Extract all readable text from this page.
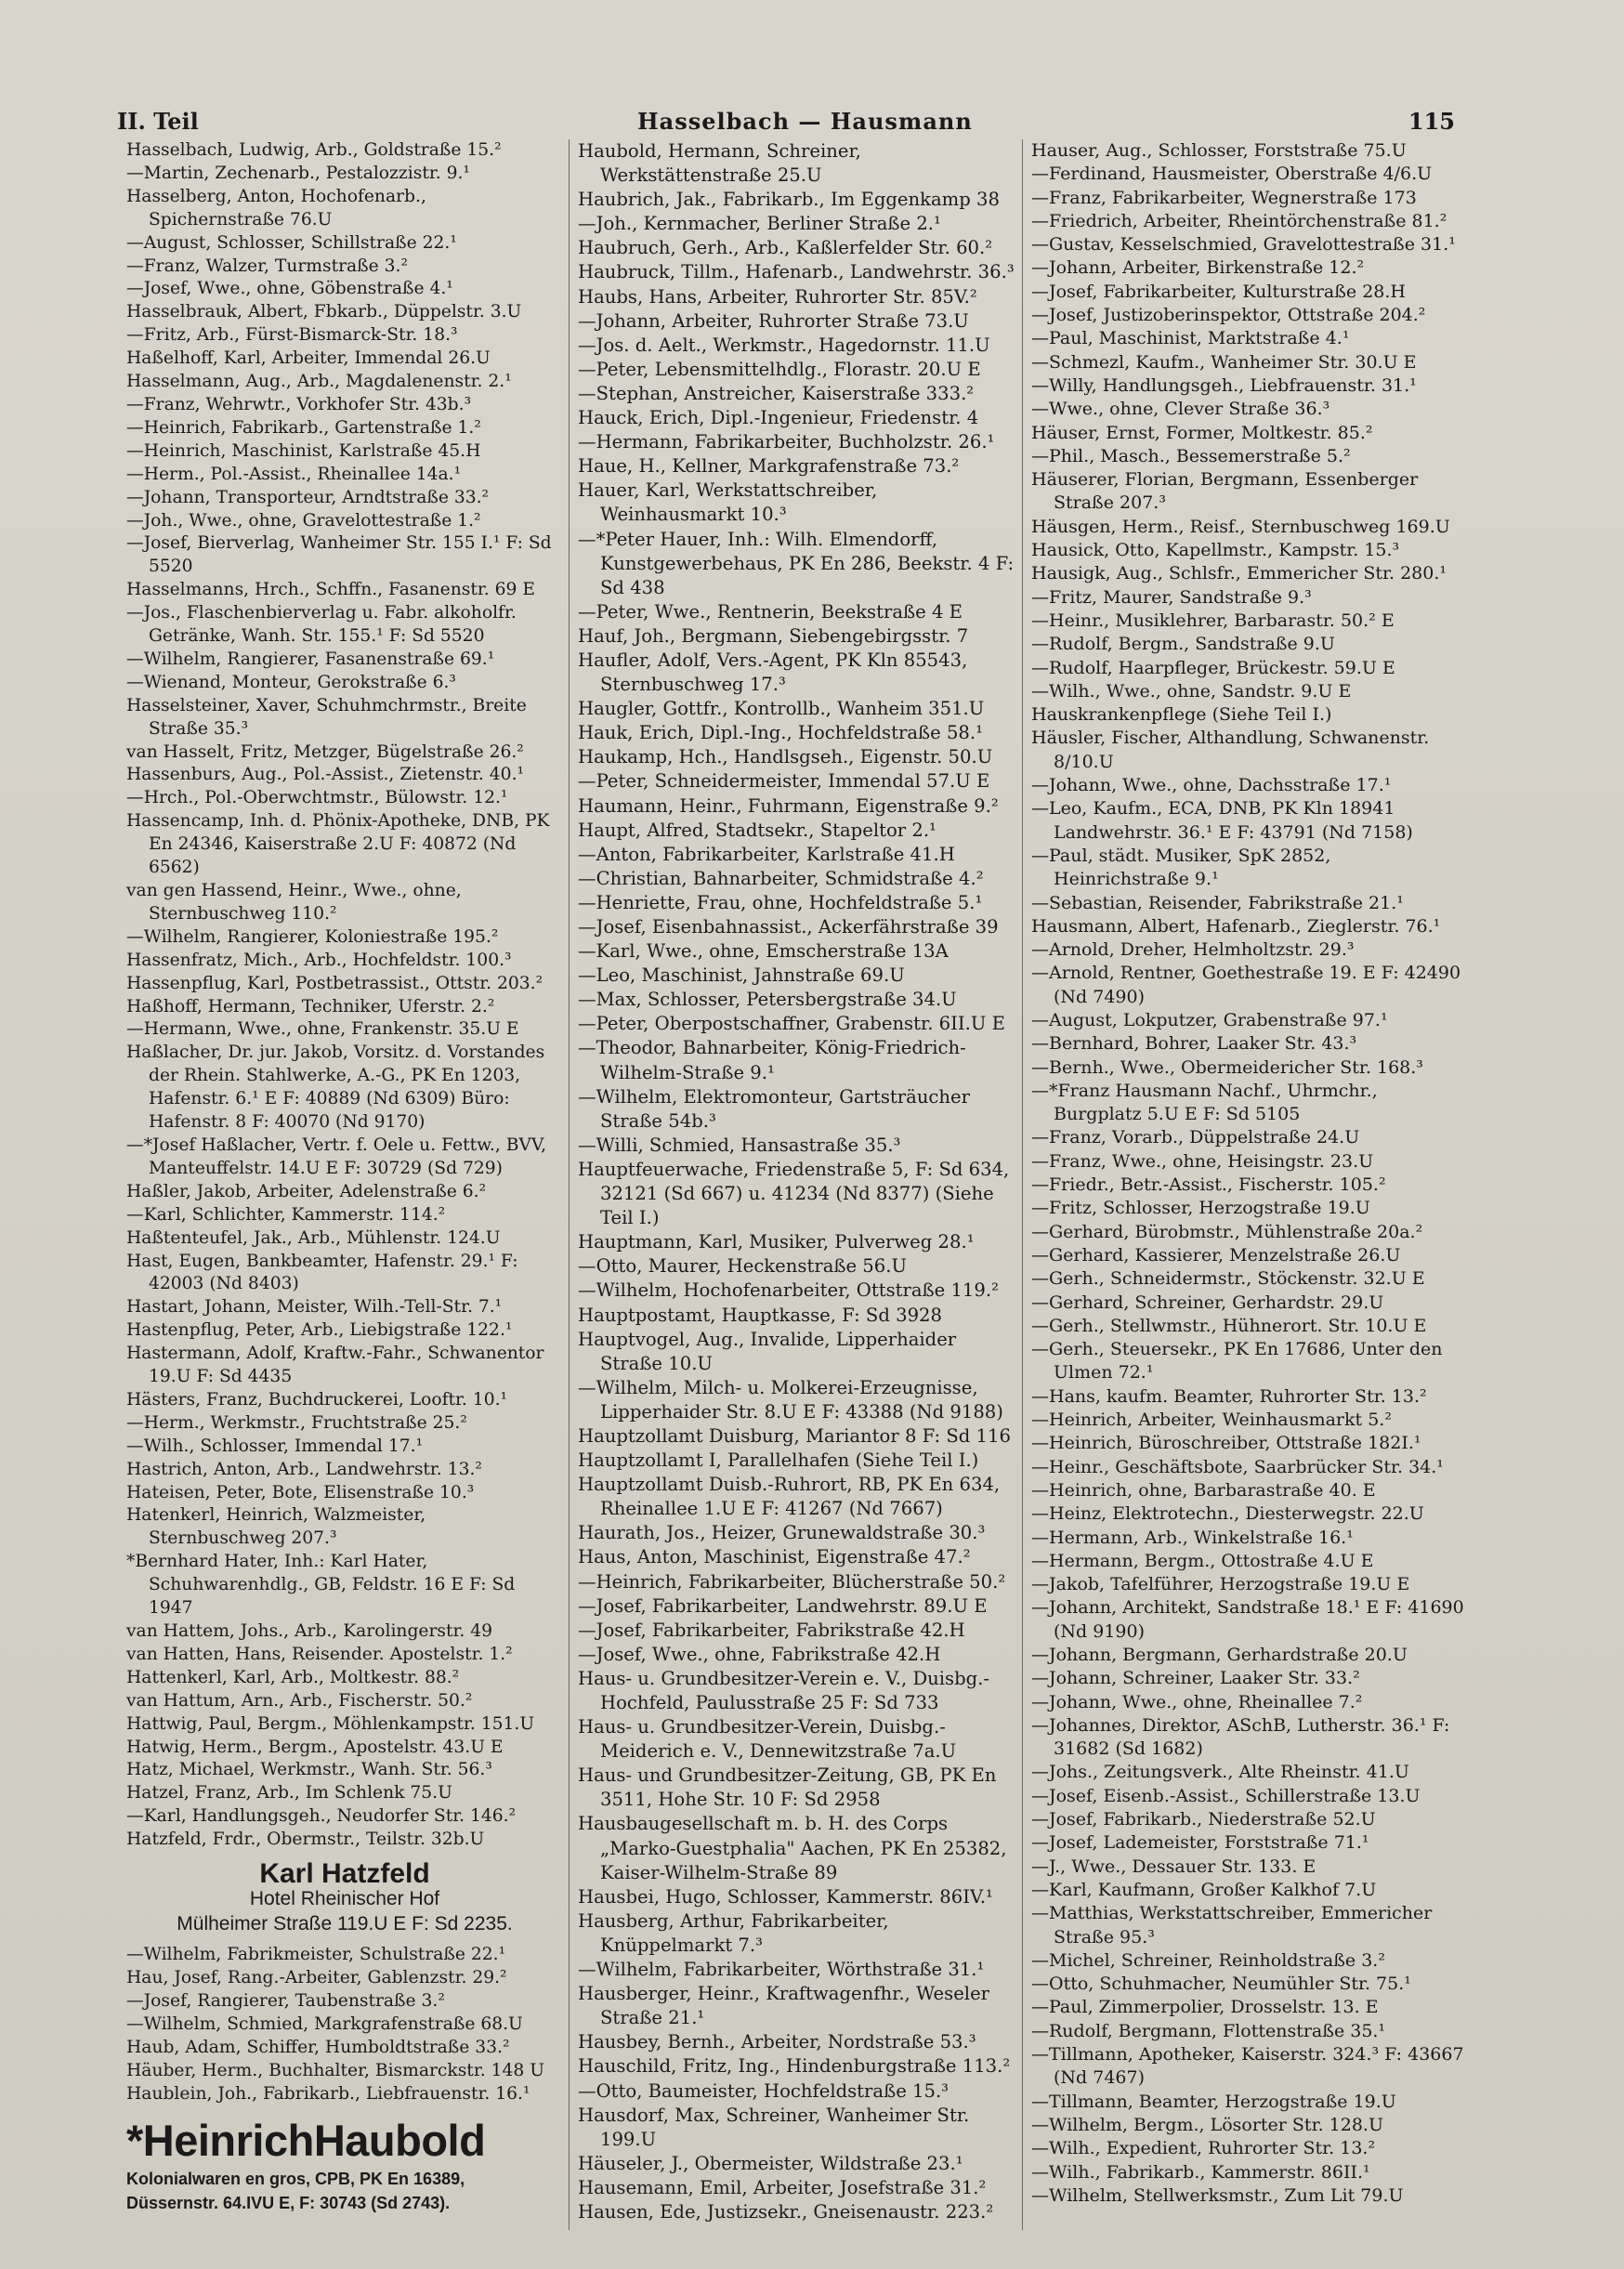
II. Teil	Hasselbach — Hausmann	115

Hasselbach, Ludwig, Arb., Goldstraße 15.²

—Martin, Zechenarb., Pestalozzistr. 9.¹

Hasselberg, Anton, Hochofenarb., Spichernstraße 76.U

—August, Schlosser, Schillstraße 22.¹

—Franz, Walzer, Turmstraße 3.²

—Josef, Wwe., ohne, Göbenstraße 4.¹

Hasselbrauk, Albert, Fbkarb., Düppelstr. 3.U

—Fritz, Arb., Fürst-Bismarck-Str. 18.³

Haßelhoff, Karl, Arbeiter, Immendal 26.U

Hasselmann, Aug., Arb., Magdalenenstr. 2.¹

—Franz, Wehrwtr., Vorkhofer Str. 43b.³

—Heinrich, Fabrikarb., Gartenstraße 1.²

—Heinrich, Maschinist, Karlstraße 45.H

—Herm., Pol.-Assist., Rheinallee 14a.¹

—Johann, Transporteur, Arndtstraße 33.²

—Joh., Wwe., ohne, Gravelottestraße 1.²

—Josef, Bierverlag, Wanheimer Str. 155 I.¹ F: Sd 5520

Hasselmanns, Hrch., Schffn., Fasanenstr. 69 E

—Jos., Flaschenbierverlag u. Fabr. alkoholfr. Getränke, Wanh. Str. 155.¹ F: Sd 5520

—Wilhelm, Rangierer, Fasanenstraße 69.¹

—Wienand, Monteur, Gerokstraße 6.³

Hasselsteiner, Xaver, Schuhmchrmstr., Breite Straße 35.³

van Hasselt, Fritz, Metzger, Bügelstraße 26.²

Hassenburs, Aug., Pol.-Assist., Zietenstr. 40.¹

—Hrch., Pol.-Oberwchtmstr., Bülowstr. 12.¹

Hassencamp, Inh. d. Phönix-Apotheke, DNB, PK En 24346, Kaiserstraße 2.U F: 40872 (Nd 6562)

van gen Hassend, Heinr., Wwe., ohne, Sternbuschweg 110.²

—Wilhelm, Rangierer, Koloniestraße 195.²

Hassenfratz, Mich., Arb., Hochfeldstr. 100.³

Hassenpflug, Karl, Postbetrassist., Ottstr. 203.²

Haßhoff, Hermann, Techniker, Uferstr. 2.²

—Hermann, Wwe., ohne, Frankenstr. 35.U E

Haßlacher, Dr. jur. Jakob, Vorsitz. d. Vorstandes der Rhein. Stahlwerke, A.-G., PK En 1203, Hafenstr. 6.¹ E F: 40889 (Nd 6309) Büro: Hafenstr. 8 F: 40070 (Nd 9170)

—*Josef Haßlacher, Vertr. f. Oele u. Fettw., BVV, Manteuffelstr. 14.U E F: 30729 (Sd 729)

Haßler, Jakob, Arbeiter, Adelenstraße 6.²

—Karl, Schlichter, Kammerstr. 114.²

Haßtenteufel, Jak., Arb., Mühlenstr. 124.U

Hast, Eugen, Bankbeamter, Hafenstr. 29.¹ F: 42003 (Nd 8403)

Hastart, Johann, Meister, Wilh.-Tell-Str. 7.¹

Hastenpflug, Peter, Arb., Liebigstraße 122.¹

Hastermann, Adolf, Kraftw.-Fahr., Schwanentor 19.U F: Sd 4435

Hästers, Franz, Buchdruckerei, Looftr. 10.¹

—Herm., Werkmstr., Fruchtstraße 25.²

—Wilh., Schlosser, Immendal 17.¹

Hastrich, Anton, Arb., Landwehrstr. 13.²

Hateisen, Peter, Bote, Elisenstraße 10.³

Hatenkerl, Heinrich, Walzmeister, Sternbuschweg 207.³

*Bernhard Hater, Inh.: Karl Hater, Schuhwarenhdlg., GB, Feldstr. 16 E F: Sd 1947

van Hattem, Johs., Arb., Karolingerstr. 49

van Hatten, Hans, Reisender. Apostelstr. 1.²

Hattenkerl, Karl, Arb., Moltkestr. 88.²

van Hattum, Arn., Arb., Fischerstr. 50.²

Hattwig, Paul, Bergm., Möhlenkampstr. 151.U

Hatwig, Herm., Bergm., Apostelstr. 43.U E

Hatz, Michael, Werkmstr., Wanh. Str. 56.³

Hatzel, Franz, Arb., Im Schlenk 75.U

—Karl, Handlungsgeh., Neudorfer Str. 146.²

Hatzfeld, Frdr., Obermstr., Teilstr. 32b.U

Karl Hatzfeld
Hotel Rheinischer Hof
Mülheimer Straße 119.U E F: Sd 2235.

—Wilhelm, Fabrikmeister, Schulstraße 22.¹

Hau, Josef, Rang.-Arbeiter, Gablenzstr. 29.²

—Josef, Rangierer, Taubenstraße 3.²

—Wilhelm, Schmied, Markgrafenstraße 68.U

Haub, Adam, Schiffer, Humboldtstraße 33.²

Häuber, Herm., Buchhalter, Bismarckstr. 148 U

Haublein, Joh., Fabrikarb., Liebfrauenstr. 16.¹

*HeinrichHaubold
Kolonialwaren en gros, CPB, PK En 16389,
Düssernstr. 64.IVU E, F: 30743 (Sd 2743).

Haubold, Hermann, Schreiner, Werkstättenstraße 25.U

Haubrich, Jak., Fabrikarb., Im Eggenkamp 38

—Joh., Kernmacher, Berliner Straße 2.¹

Haubruch, Gerh., Arb., Kaßlerfelder Str. 60.²

Haubruck, Tillm., Hafenarb., Landwehrstr. 36.³

Haubs, Hans, Arbeiter, Ruhrorter Str. 85V.²

—Johann, Arbeiter, Ruhrorter Straße 73.U

—Jos. d. Aelt., Werkmstr., Hagedornstr. 11.U

—Peter, Lebensmittelhdlg., Florastr. 20.U E

—Stephan, Anstreicher, Kaiserstraße 333.²

Hauck, Erich, Dipl.-Ingenieur, Friedenstr. 4

—Hermann, Fabrikarbeiter, Buchholzstr. 26.¹

Haue, H., Kellner, Markgrafenstraße 73.²

Hauer, Karl, Werkstattschreiber, Weinhausmarkt 10.³

—*Peter Hauer, Inh.: Wilh. Elmendorff, Kunstgewerbehaus, PK En 286, Beekstr. 4 F: Sd 438

—Peter, Wwe., Rentnerin, Beekstraße 4 E

Hauf, Joh., Bergmann, Siebengebirgsstr. 7

Haufler, Adolf, Vers.-Agent, PK Kln 85543, Sternbuschweg 17.³

Haugler, Gottfr., Kontrollb., Wanheim 351.U

Hauk, Erich, Dipl.-Ing., Hochfeldstraße 58.¹

Haukamp, Hch., Handlsgseh., Eigenstr. 50.U

—Peter, Schneidermeister, Immendal 57.U E

Haumann, Heinr., Fuhrmann, Eigenstraße 9.²

Haupt, Alfred, Stadtsekr., Stapeltor 2.¹

—Anton, Fabrikarbeiter, Karlstraße 41.H

—Christian, Bahnarbeiter, Schmidstraße 4.²

—Henriette, Frau, ohne, Hochfeldstraße 5.¹

—Josef, Eisenbahnassist., Ackerfährstraße 39

—Karl, Wwe., ohne, Emscherstraße 13A

—Leo, Maschinist, Jahnstraße 69.U

—Max, Schlosser, Petersbergstraße 34.U

—Peter, Oberpostschaffner, Grabenstr. 6II.U E

—Theodor, Bahnarbeiter, König-Friedrich-Wilhelm-Straße 9.¹

—Wilhelm, Elektromonteur, Gartsträucher Straße 54b.³

—Willi, Schmied, Hansastraße 35.³

Hauptfeuerwache, Friedenstraße 5, F: Sd 634, 32121 (Sd 667) u. 41234 (Nd 8377) (Siehe Teil I.)

Hauptmann, Karl, Musiker, Pulverweg 28.¹

—Otto, Maurer, Heckenstraße 56.U

—Wilhelm, Hochofenarbeiter, Ottstraße 119.²

Hauptpostamt, Hauptkasse, F: Sd 3928

Hauptvogel, Aug., Invalide, Lipperhaider Straße 10.U

—Wilhelm, Milch- u. Molkerei-Erzeugnisse, Lipperhaider Str. 8.U E F: 43388 (Nd 9188)

Hauptzollamt Duisburg, Mariantor 8 F: Sd 116

Hauptzollamt I, Parallelhafen (Siehe Teil I.)

Hauptzollamt Duisb.-Ruhrort, RB, PK En 634, Rheinallee 1.U E F: 41267 (Nd 7667)

Haurath, Jos., Heizer, Grunewaldstraße 30.³

Haus, Anton, Maschinist, Eigenstraße 47.²

—Heinrich, Fabrikarbeiter, Blücherstraße 50.²

—Josef, Fabrikarbeiter, Landwehrstr. 89.U E

—Josef, Fabrikarbeiter, Fabrikstraße 42.H

—Josef, Wwe., ohne, Fabrikstraße 42.H

Haus- u. Grundbesitzer-Verein e. V., Duisbg.-Hochfeld, Paulusstraße 25 F: Sd 733

Haus- u. Grundbesitzer-Verein, Duisbg.-Meiderich e. V., Dennewitzstraße 7a.U

Haus- und Grundbesitzer-Zeitung, GB, PK En 3511, Hohe Str. 10 F: Sd 2958

Hausbaugesellschaft m. b. H. des Corps „Marko-Guestphalia" Aachen, PK En 25382, Kaiser-Wilhelm-Straße 89

Hausbei, Hugo, Schlosser, Kammerstr. 86IV.¹

Hausberg, Arthur, Fabrikarbeiter, Knüppelmarkt 7.³

—Wilhelm, Fabrikarbeiter, Wörthstraße 31.¹

Hausberger, Heinr., Kraftwagenfhr., Weseler Straße 21.¹

Hausbey, Bernh., Arbeiter, Nordstraße 53.³

Hauschild, Fritz, Ing., Hindenburgstraße 113.²

—Otto, Baumeister, Hochfeldstraße 15.³

Hausdorf, Max, Schreiner, Wanheimer Str. 199.U

Häuseler, J., Obermeister, Wildstraße 23.¹

Hausemann, Emil, Arbeiter, Josefstraße 31.²

Hausen, Ede, Justizsekr., Gneisenaustr. 223.²

Hauser, Aug., Schlosser, Forststraße 75.U

—Ferdinand, Hausmeister, Oberstraße 4/6.U

—Franz, Fabrikarbeiter, Wegnerstraße 173

—Friedrich, Arbeiter, Rheintörchenstraße 81.²

—Gustav, Kesselschmied, Gravelottestraße 31.¹

—Johann, Arbeiter, Birkenstraße 12.²

—Josef, Fabrikarbeiter, Kulturstraße 28.H

—Josef, Justizoberinspektor, Ottstraße 204.²

—Paul, Maschinist, Marktstraße 4.¹

—Schmezl, Kaufm., Wanheimer Str. 30.U E

—Willy, Handlungsgeh., Liebfrauenstr. 31.¹

—Wwe., ohne, Clever Straße 36.³

Häuser, Ernst, Former, Moltkestr. 85.²

—Phil., Masch., Bessemerstraße 5.²

Häuserer, Florian, Bergmann, Essenberger Straße 207.³

Häusgen, Herm., Reisf., Sternbuschweg 169.U

Hausick, Otto, Kapellmstr., Kampstr. 15.³

Hausigk, Aug., Schlsfr., Emmericher Str. 280.¹

—Fritz, Maurer, Sandstraße 9.³

—Heinr., Musiklehrer, Barbarastr. 50.² E

—Rudolf, Bergm., Sandstraße 9.U

—Rudolf, Haarpfleger, Brückestr. 59.U E

—Wilh., Wwe., ohne, Sandstr. 9.U E

Hauskrankenpflege (Siehe Teil I.)

Häusler, Fischer, Althandlung, Schwanenstr. 8/10.U

—Johann, Wwe., ohne, Dachsstraße 17.¹

—Leo, Kaufm., ECA, DNB, PK Kln 18941 Landwehrstr. 36.¹ E F: 43791 (Nd 7158)

—Paul, städt. Musiker, SpK 2852, Heinrichstraße 9.¹

—Sebastian, Reisender, Fabrikstraße 21.¹

Hausmann, Albert, Hafenarb., Zieglerstr. 76.¹

—Arnold, Dreher, Helmholtzstr. 29.³

—Arnold, Rentner, Goethestraße 19. E F: 42490 (Nd 7490)

—August, Lokputzer, Grabenstraße 97.¹

—Bernhard, Bohrer, Laaker Str. 43.³

—Bernh., Wwe., Obermeidericher Str. 168.³

—*Franz Hausmann Nachf., Uhrmchr., Burgplatz 5.U E F: Sd 5105

—Franz, Vorarb., Düppelstraße 24.U

—Franz, Wwe., ohne, Heisingstr. 23.U

—Friedr., Betr.-Assist., Fischerstr. 105.²

—Fritz, Schlosser, Herzogstraße 19.U

—Gerhard, Bürobmstr., Mühlenstraße 20a.²

—Gerhard, Kassierer, Menzelstraße 26.U

—Gerh., Schneidermstr., Stöckenstr. 32.U E

—Gerhard, Schreiner, Gerhardstr. 29.U

—Gerh., Stellwmstr., Hühnerort. Str. 10.U E

—Gerh., Steuersekr., PK En 17686, Unter den Ulmen 72.¹

—Hans, kaufm. Beamter, Ruhrorter Str. 13.²

—Heinrich, Arbeiter, Weinhausmarkt 5.²

—Heinrich, Büroschreiber, Ottstraße 182I.¹

—Heinr., Geschäftsbote, Saarbrücker Str. 34.¹

—Heinrich, ohne, Barbarastraße 40. E

—Heinz, Elektrotechn., Diesterwegstr. 22.U

—Hermann, Arb., Winkelstraße 16.¹

—Hermann, Bergm., Ottostraße 4.U E

—Jakob, Tafelführer, Herzogstraße 19.U E

—Johann, Architekt, Sandstraße 18.¹ E F: 41690 (Nd 9190)

—Johann, Bergmann, Gerhardstraße 20.U

—Johann, Schreiner, Laaker Str. 33.²

—Johann, Wwe., ohne, Rheinallee 7.²

—Johannes, Direktor, ASchB, Lutherstr. 36.¹ F: 31682 (Sd 1682)

—Johs., Zeitungsverk., Alte Rheinstr. 41.U

—Josef, Eisenb.-Assist., Schillerstraße 13.U

—Josef, Fabrikarb., Niederstraße 52.U

—Josef, Lademeister, Forststraße 71.¹

—J., Wwe., Dessauer Str. 133. E

—Karl, Kaufmann, Großer Kalkhof 7.U

—Matthias, Werkstattschreiber, Emmericher Straße 95.³

—Michel, Schreiner, Reinholdstraße 3.²

—Otto, Schuhmacher, Neumühler Str. 75.¹

—Paul, Zimmerpolier, Drosselstr. 13. E

—Rudolf, Bergmann, Flottenstraße 35.¹

—Tillmann, Apotheker, Kaiserstr. 324.³ F: 43667 (Nd 7467)

—Tillmann, Beamter, Herzogstraße 19.U

—Wilhelm, Bergm., Lösorter Str. 128.U

—Wilh., Expedient, Ruhrorter Str. 13.²

—Wilh., Fabrikarb., Kammerstr. 86II.¹

—Wilhelm, Stellwerksmstr., Zum Lit 79.U
